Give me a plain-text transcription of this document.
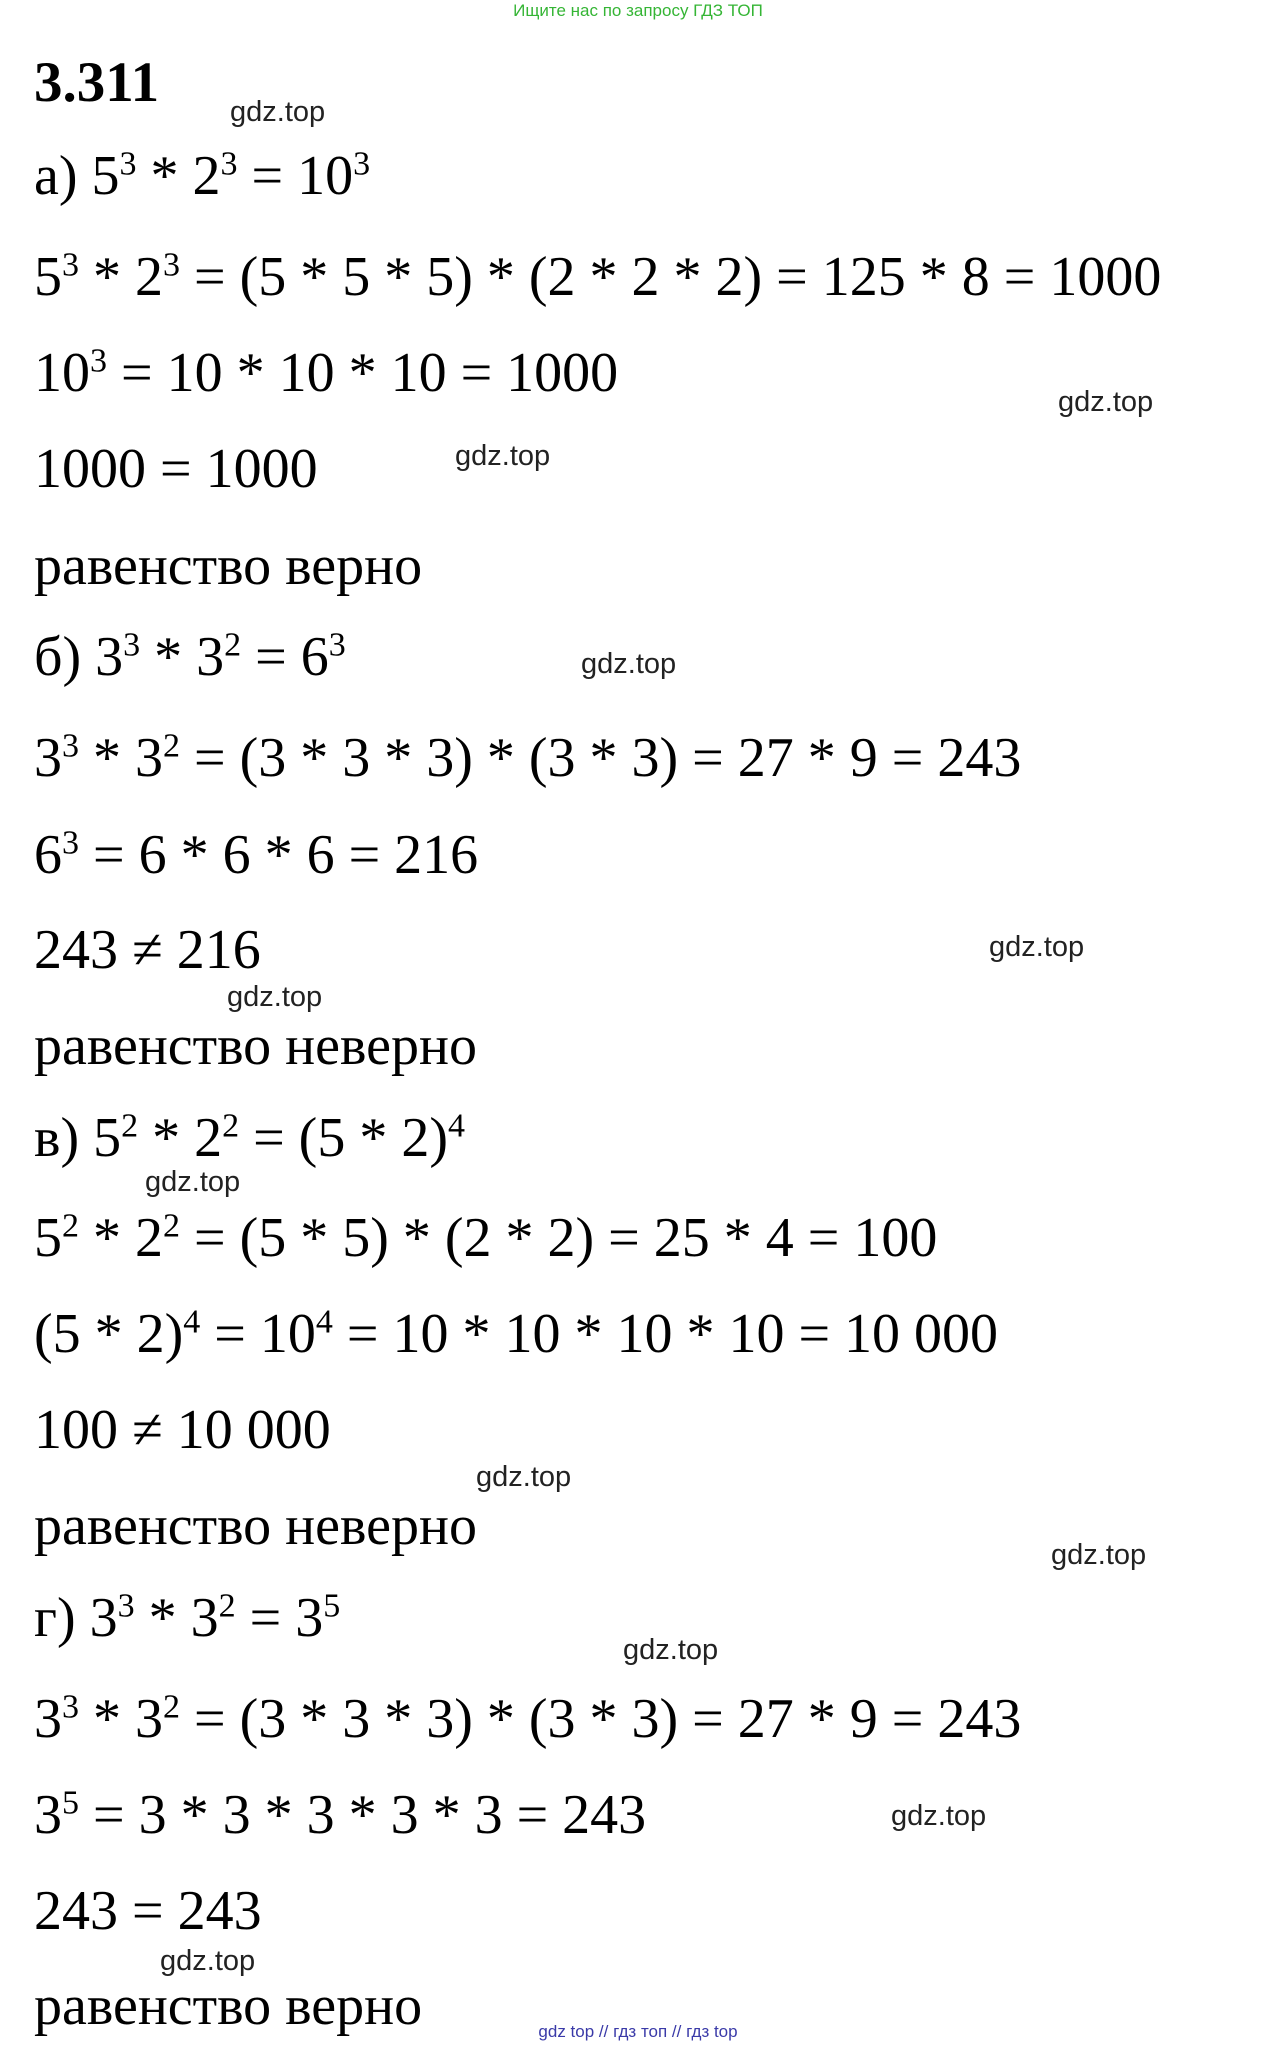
Ищите нас по запросу ГДЗ ТОП
3.311
а) $5^3 * 2^3 = 10^3$
$5^3 * 2^3 = (5 * 5 * 5) * (2 * 2 * 2) = 125 * 8 = 1000$
$10^3 = 10 * 10 * 10 = 1000$
1000 = 1000
равенство верно
б) $3^3 * 3^2 = 6^3$
$3^3 * 3^2 = (3 * 3 * 3) * (3 * 3) = 27 * 9 = 243$
$6^3 = 6 * 6 * 6 = 216$
243 ≠ 216
равенство неверно
в) $5^2 * 2^2 = (5 * 2)^4$
$5^2 * 2^2 = (5 * 5) * (2 * 2) = 25 * 4 = 100$
$(5 * 2)^4 = 10^4 = 10 * 10 * 10 * 10 = 10$ 000
100 ≠ 10 000
равенство неверно
г) $3^3 * 3^2 = 3^5$
$3^3 * 3^2 = (3 * 3 * 3) * (3 * 3) = 27 * 9 = 243$
$3^5 = 3 * 3 * 3 * 3 * 3 = 243$
243 = 243
равенство верно
gdz.top
gdz.top
gdz.top
gdz.top
gdz.top
gdz.top
gdz.top
gdz.top
gdz.top
gdz.top
gdz.top
gdz.top
gdz top // гдз топ // гдз top
